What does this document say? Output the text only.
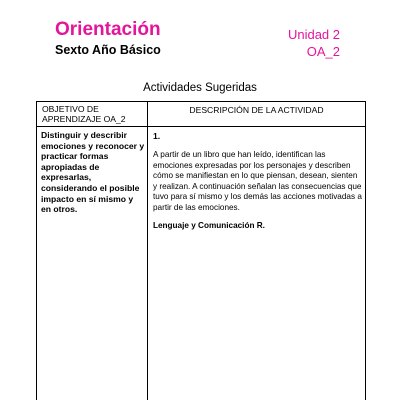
Orientación
Sexto Año Básico
Unidad 2
OA_2
Actividades Sugeridas
OBJETIVO DE APRENDIZAJE OA_2
DESCRIPCIÓN DE LA ACTIVIDAD
Distinguir y describir emociones y reconocer y practicar formas apropiadas de expresarlas, considerando el posible impacto en sí mismo y en otros.
1.
A partir de un libro que han leído, identifican las emociones expresadas por los personajes y describen cómo se manifiestan en lo que piensan, desean, sienten y realizan. A continuación señalan las consecuencias que tuvo para sí mismo y los demás las acciones motivadas a partir de las emociones.
Lenguaje y Comunicación R.
